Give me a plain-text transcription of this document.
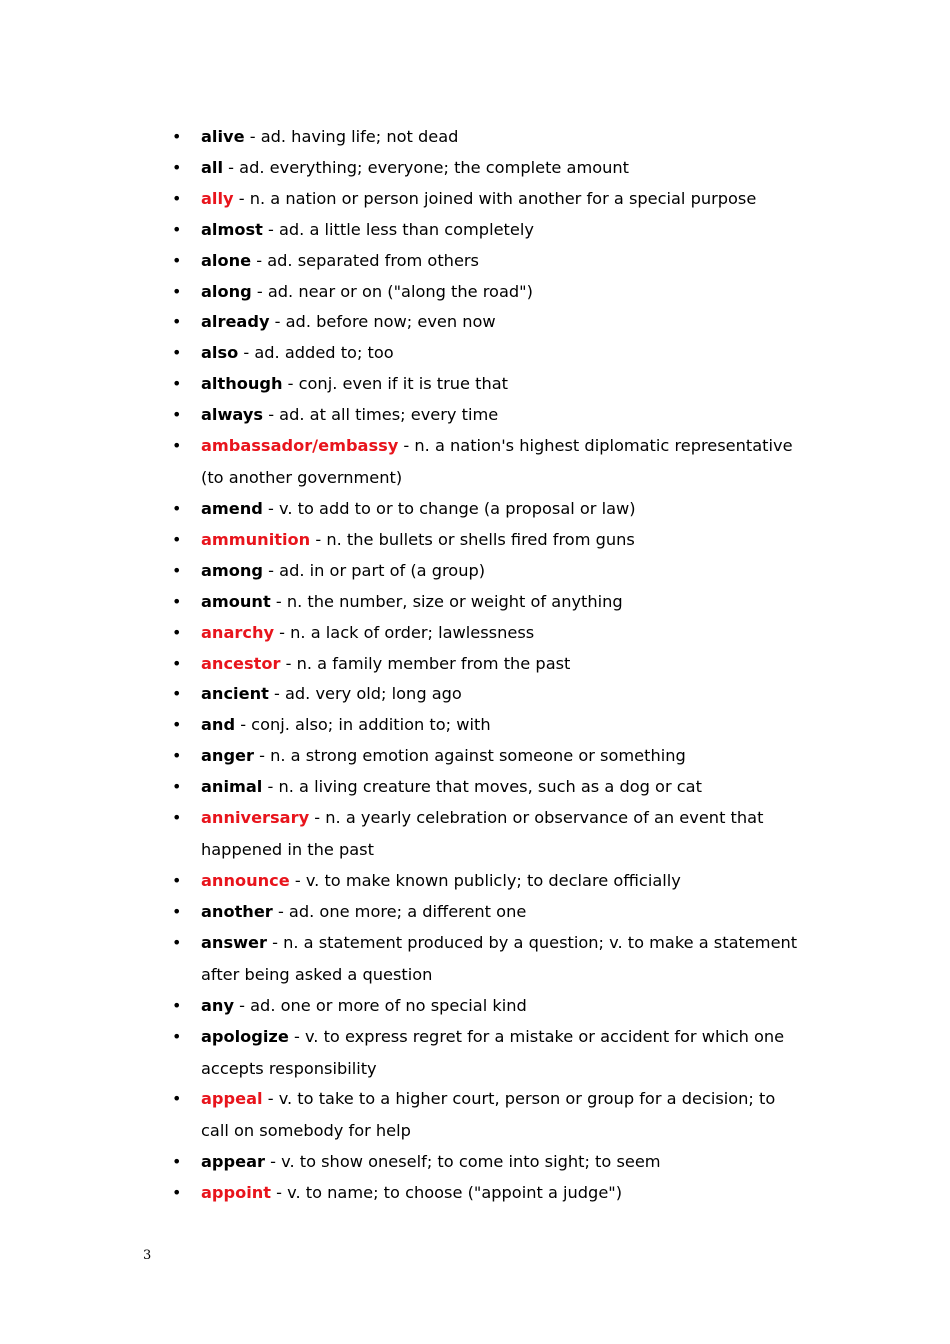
• alive - ad. having life; not dead
• all - ad. everything; everyone; the complete amount
• ally - n. a nation or person joined with another for a special purpose
• almost - ad. a little less than completely
• alone - ad. separated from others
• along - ad. near or on ("along the road")
• already - ad. before now; even now
• also - ad. added to; too
• although - conj. even if it is true that
• always - ad. at all times; every time
• ambassador/embassy - n. a nation's highest diplomatic representative (to another government)
• amend - v. to add to or to change (a proposal or law)
• ammunition - n. the bullets or shells fired from guns
• among - ad. in or part of (a group)
• amount - n. the number, size or weight of anything
• anarchy - n. a lack of order; lawlessness
• ancestor - n. a family member from the past
• ancient - ad. very old; long ago
• and - conj. also; in addition to; with
• anger - n. a strong emotion against someone or something
• animal - n. a living creature that moves, such as a dog or cat
• anniversary - n. a yearly celebration or observance of an event that happened in the past
• announce - v. to make known publicly; to declare officially
• another - ad. one more; a different one
• answer - n. a statement produced by a question; v. to make a statement after being asked a question
• any - ad. one or more of no special kind
• apologize - v. to express regret for a mistake or accident for which one accepts responsibility
• appeal - v. to take to a higher court, person or group for a decision; to call on somebody for help
• appear - v. to show oneself; to come into sight; to seem
• appoint - v. to name; to choose ("appoint a judge")
3
